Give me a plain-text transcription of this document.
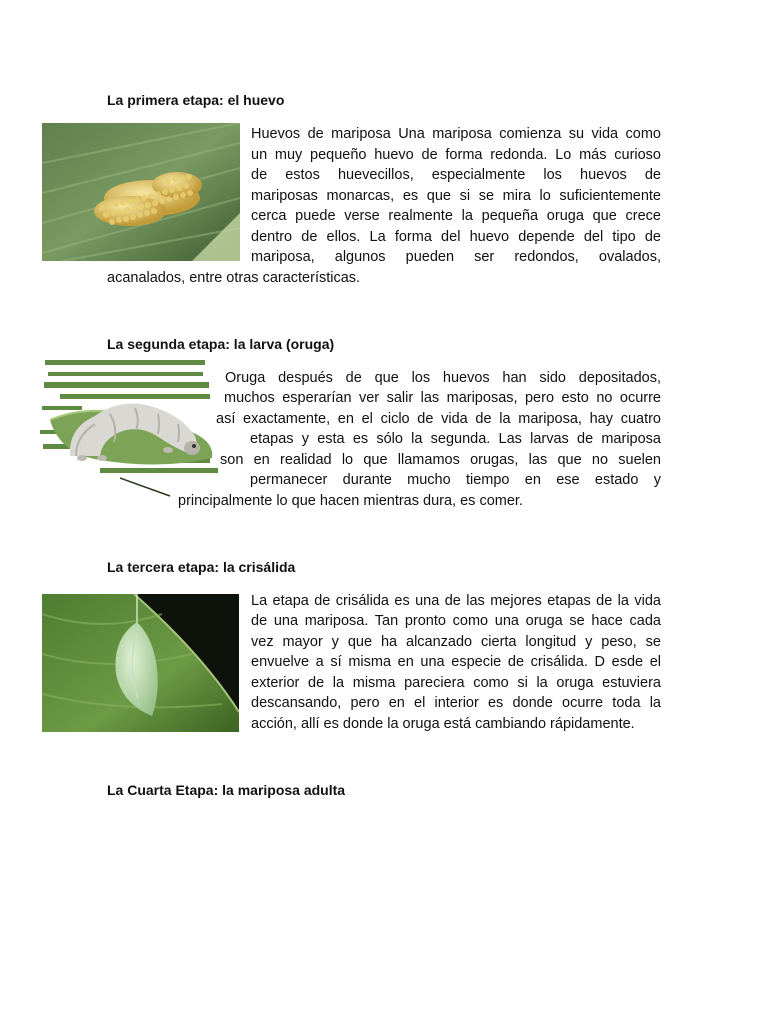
La primera etapa: el huevo
Huevos de mariposa Una mariposa comienza su vida como
un muy pequeño huevo de forma redonda. Lo más curioso
de estos huevecillos, especialmente los huevos de
mariposas monarcas, es que si se mira lo suficientemente
cerca puede verse realmente la pequeña oruga que crece
dentro de ellos. La forma del huevo depende del tipo de
mariposa, algunos pueden ser redondos, ovalados,
acanalados, entre otras características.
La segunda etapa: la larva (oruga)
Oruga después de que los huevos han sido depositados,
muchos esperarían ver salir las mariposas, pero esto no ocurre
así exactamente, en el ciclo de vida de la mariposa, hay cuatro
etapas y esta es sólo la segunda. Las larvas de mariposa
son en realidad lo que llamamos orugas, las que no suelen
permanecer durante mucho tiempo en ese estado y
principalmente lo que hacen mientras dura, es comer.
La tercera etapa: la crisálida
La etapa de crisálida es una de las mejores etapas de la vida
de una mariposa. Tan pronto como una oruga se hace cada
vez mayor y que ha alcanzado cierta longitud y peso, se
envuelve a sí misma en una especie de crisálida. D esde el
exterior de la misma pareciera como si la oruga estuviera
descansando, pero en el interior es donde ocurre toda la
acción, allí es donde la oruga está cambiando rápidamente.
La Cuarta Etapa: la mariposa adulta
